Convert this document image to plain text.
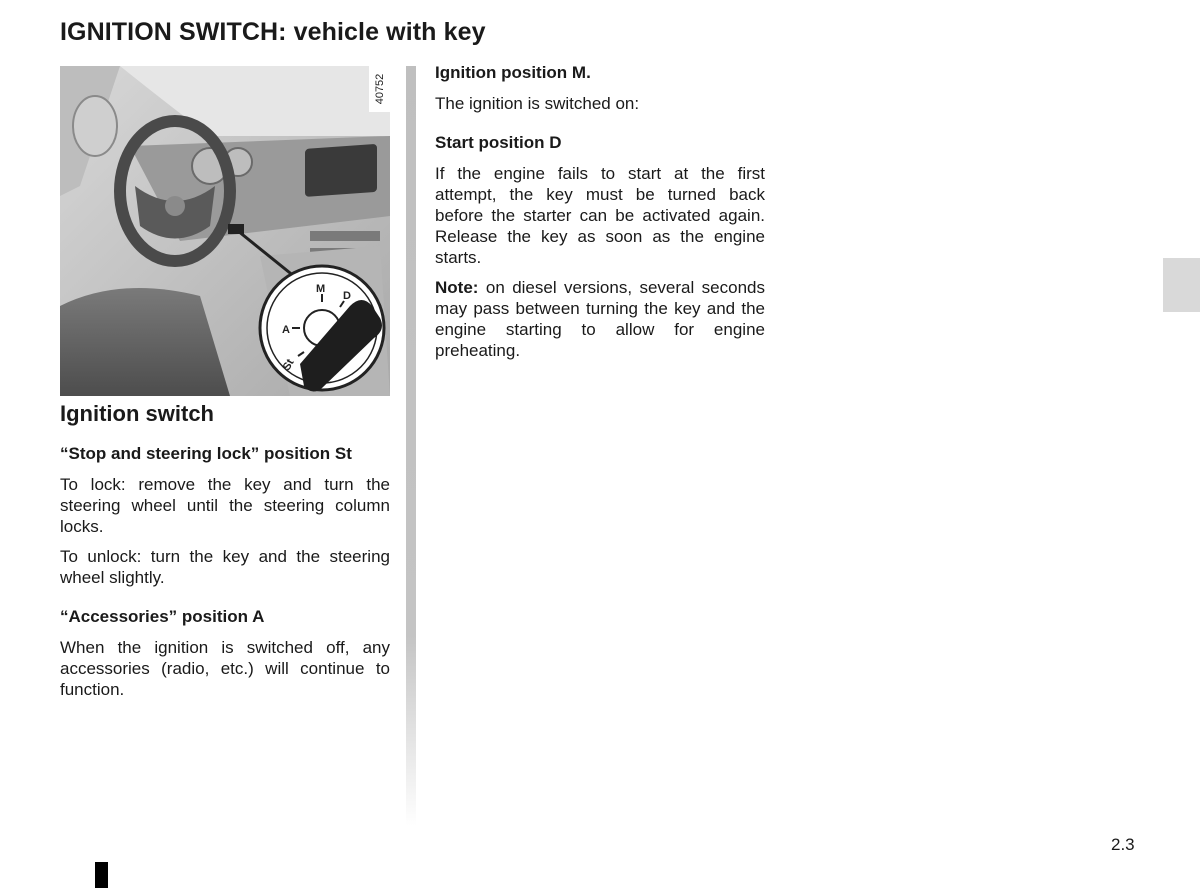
IGNITION SWITCH: vehicle with key
St
A
M
D
40752
Ignition switch

“Stop and steering lock” position St

To lock: remove the key and turn the steering wheel until the steering column locks.

To unlock: turn the key and the steering wheel slightly.

“Accessories” position A

When the ignition is switched off, any accessories (radio, etc.) will continue to function.

Ignition position M.

The ignition is switched on:

Start position D

If the engine fails to start at the first attempt, the key must be turned back before the starter can be activated again. Release the key as soon as the engine starts.

Note: on diesel versions, several seconds may pass between turning the key and the engine starting to allow for engine preheating.

2.3
